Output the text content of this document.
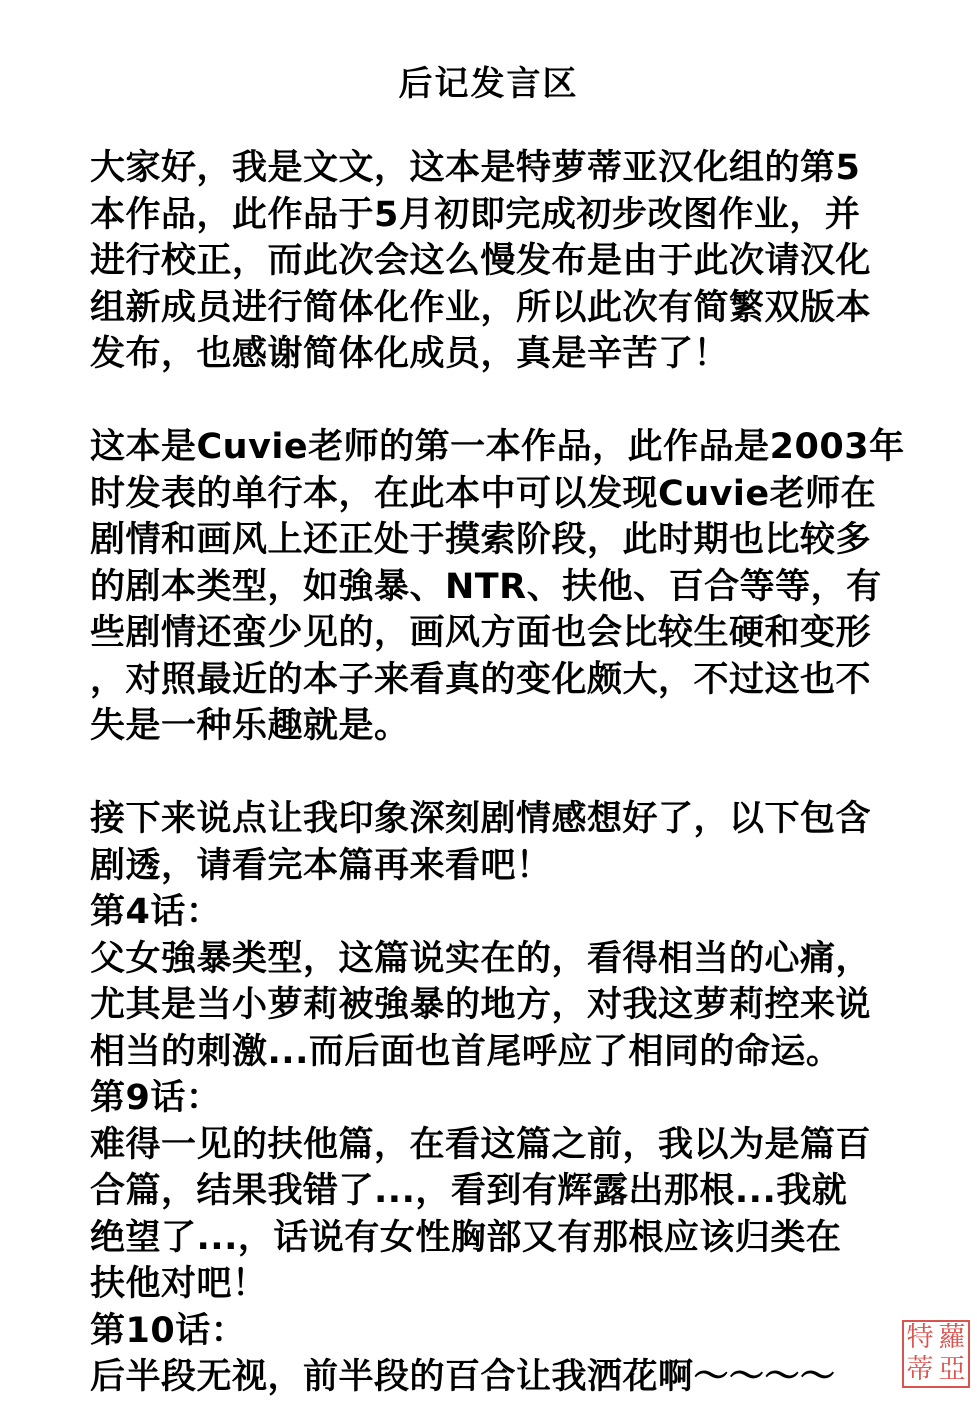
后记发言区
大家好，我是文文，这本是特萝蒂亚汉化组的第5
本作品，此作品于5月初即完成初步改图作业，并
进行校正，而此次会这么慢发布是由于此次请汉化
组新成员进行简体化作业，所以此次有简繁双版本
发布，也感谢简体化成员，真是辛苦了！
这本是Cuvie老师的第一本作品，此作品是2003年
时发表的单行本，在此本中可以发现Cuvie老师在
剧情和画风上还正处于摸索阶段，此时期也比较多
的剧本类型，如強暴、NTR、扶他、百合等等，有
些剧情还蛮少见的，画风方面也会比较生硬和变形
，对照最近的本子来看真的变化颇大，不过这也不
失是一种乐趣就是。
接下来说点让我印象深刻剧情感想好了，以下包含
剧透，请看完本篇再来看吧！
第4话：
父女強暴类型，这篇说实在的，看得相当的心痛，
尤其是当小萝莉被強暴的地方，对我这萝莉控来说
相当的刺激...而后面也首尾呼应了相同的命运。
第9话：
难得一见的扶他篇，在看这篇之前，我以为是篇百
合篇，结果我错了...，看到有辉露出那根...我就
绝望了...，话说有女性胸部又有那根应该归类在
扶他对吧！
第10话：
后半段无视，前半段的百合让我洒花啊～～～～
特 蘿
蒂 亞
